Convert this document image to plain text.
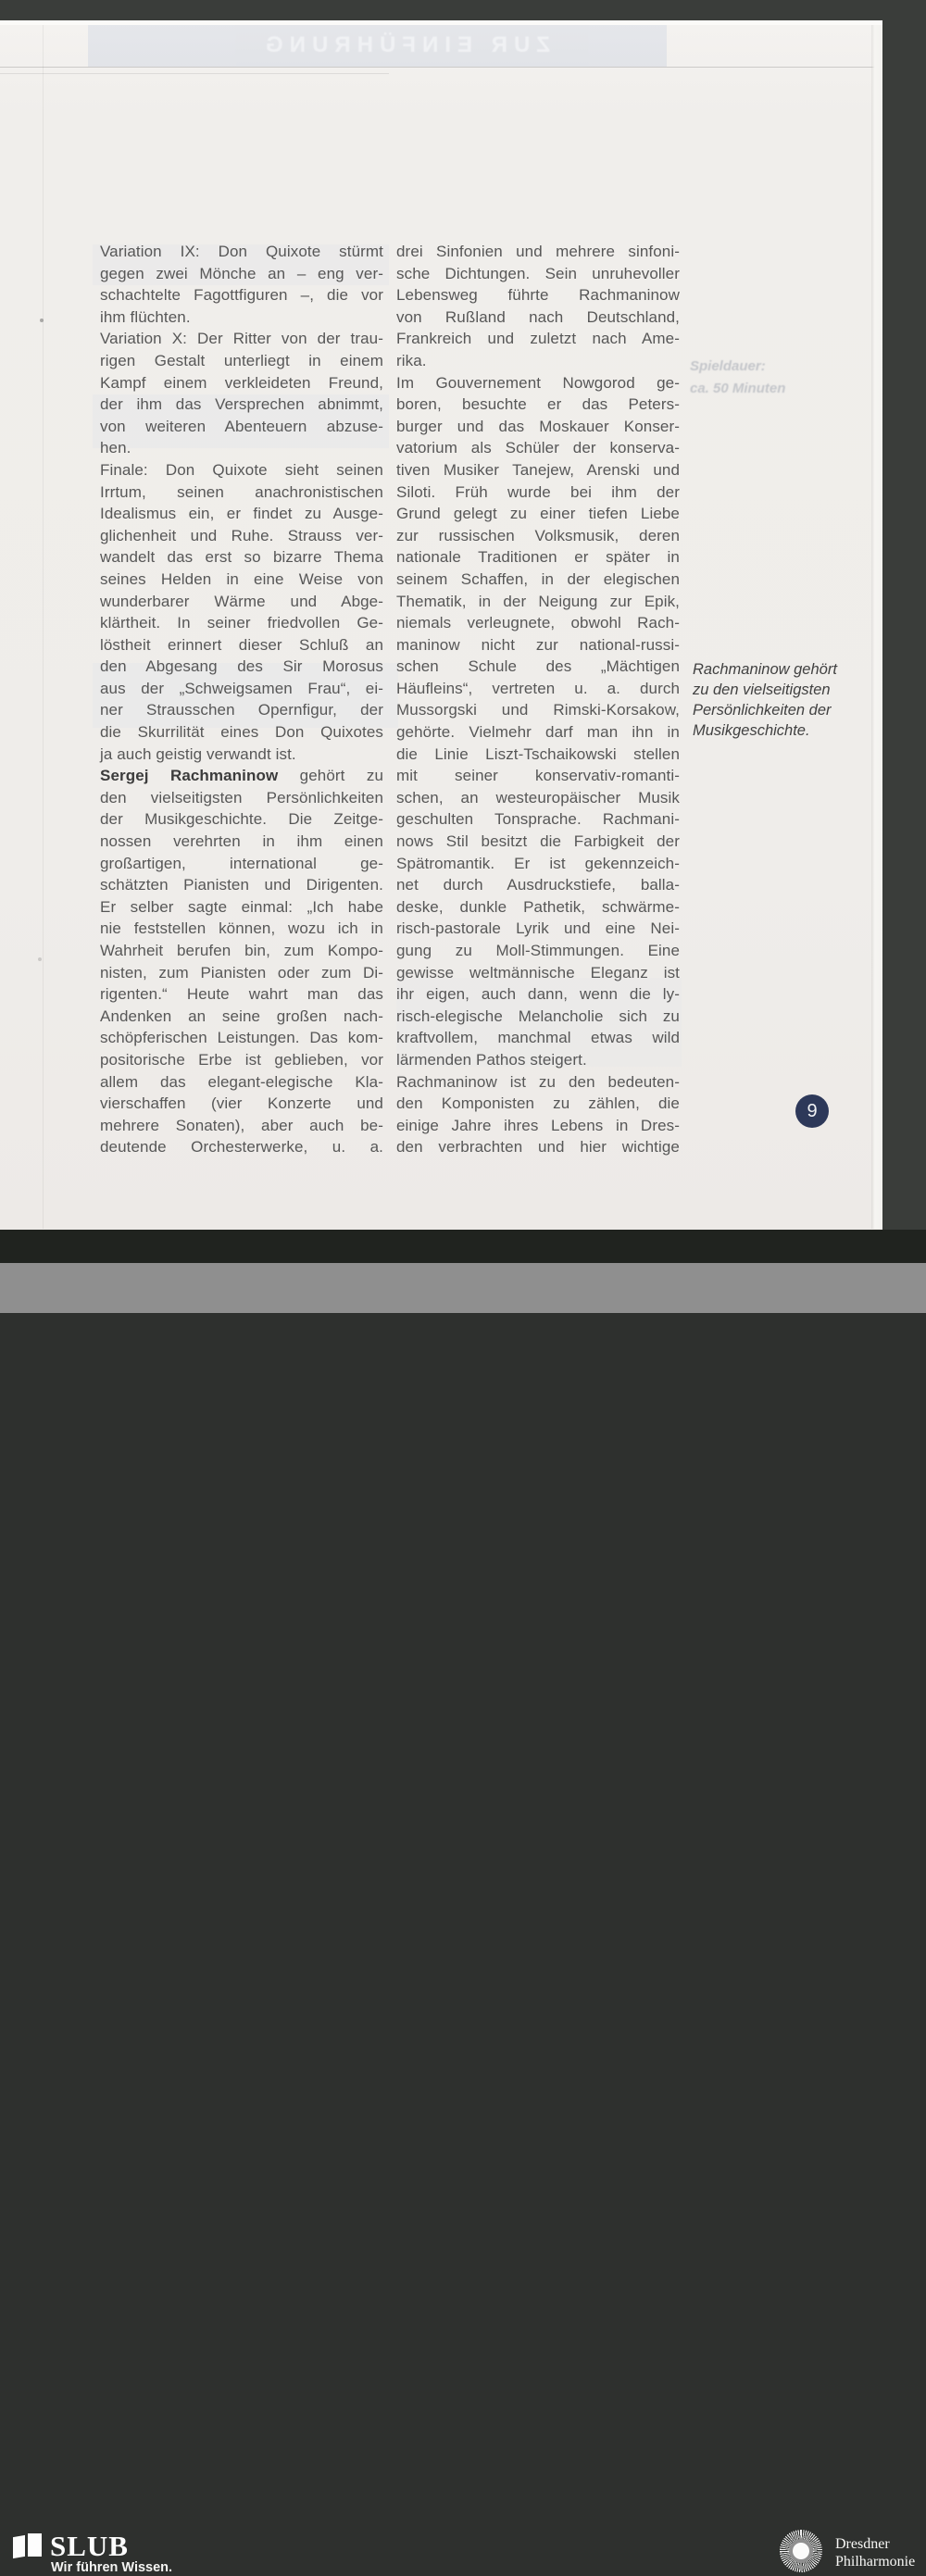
ZUR EINFÜHRUNG
Spieldauer:
ca. 50 Minuten
Variation IX: Don Quixote stürmt
gegen zwei Mönche an – eng ver-
schachtelte Fagottfiguren –, die vor
ihm flüchten.
Variation X: Der Ritter von der trau-
rigen Gestalt unterliegt in einem
Kampf einem verkleideten Freund,
der ihm das Versprechen abnimmt,
von weiteren Abenteuern abzuse-
hen.
Finale: Don Quixote sieht seinen
Irrtum, seinen anachronistischen
Idealismus ein, er findet zu Ausge-
glichenheit und Ruhe. Strauss ver-
wandelt das erst so bizarre Thema
seines Helden in eine Weise von
wunderbarer Wärme und Abge-
klärtheit. In seiner friedvollen Ge-
löstheit erinnert dieser Schluß an
den Abgesang des Sir Morosus
aus der „Schweigsamen Frau“, ei-
ner Strausschen Opernfigur, der
die Skurrilität eines Don Quixotes
ja auch geistig verwandt ist.
Sergej Rachmaninow gehört zu
den vielseitigsten Persönlichkeiten
der Musikgeschichte. Die Zeitge-
nossen verehrten in ihm einen
großartigen, international ge-
schätzten Pianisten und Dirigenten.
Er selber sagte einmal: „Ich habe
nie feststellen können, wozu ich in
Wahrheit berufen bin, zum Kompo-
nisten, zum Pianisten oder zum Di-
rigenten.“ Heute wahrt man das
Andenken an seine großen nach-
schöpferischen Leistungen. Das kom-
positorische Erbe ist geblieben, vor
allem das elegant-elegische Kla-
vierschaffen (vier Konzerte und
mehrere Sonaten), aber auch be-
deutende Orchesterwerke, u. a.
drei Sinfonien und mehrere sinfoni-
sche Dichtungen. Sein unruhevoller
Lebensweg führte Rachmaninow
von Rußland nach Deutschland,
Frankreich und zuletzt nach Ame-
rika.
Im Gouvernement Nowgorod ge-
boren, besuchte er das Peters-
burger und das Moskauer Konser-
vatorium als Schüler der konserva-
tiven Musiker Tanejew, Arenski und
Siloti. Früh wurde bei ihm der
Grund gelegt zu einer tiefen Liebe
zur russischen Volksmusik, deren
nationale Traditionen er später in
seinem Schaffen, in der elegischen
Thematik, in der Neigung zur Epik,
niemals verleugnete, obwohl Rach-
maninow nicht zur national-russi-
schen Schule des „Mächtigen
Häufleins“, vertreten u. a. durch
Mussorgski und Rimski-Korsakow,
gehörte. Vielmehr darf man ihn in
die Linie Liszt-Tschaikowski stellen
mit seiner konservativ-romanti-
schen, an westeuropäischer Musik
geschulten Tonsprache. Rachmani-
nows Stil besitzt die Farbigkeit der
Spätromantik. Er ist gekennzeich-
net durch Ausdruckstiefe, balla-
deske, dunkle Pathetik, schwärme-
risch-pastorale Lyrik und eine Nei-
gung zu Moll-Stimmungen. Eine
gewisse weltmännische Eleganz ist
ihr eigen, auch dann, wenn die ly-
risch-elegische Melancholie sich zu
kraftvollem, manchmal etwas wild
lärmenden Pathos steigert.
Rachmaninow ist zu den bedeuten-
den Komponisten zu zählen, die
einige Jahre ihres Lebens in Dres-
den verbrachten und hier wichtige
Rachmaninow gehört
zu den vielseitigsten
Persönlichkeiten der
Musikgeschichte.
9
SLUB
Wir führen Wissen.
Dresdner
Philharmonie
